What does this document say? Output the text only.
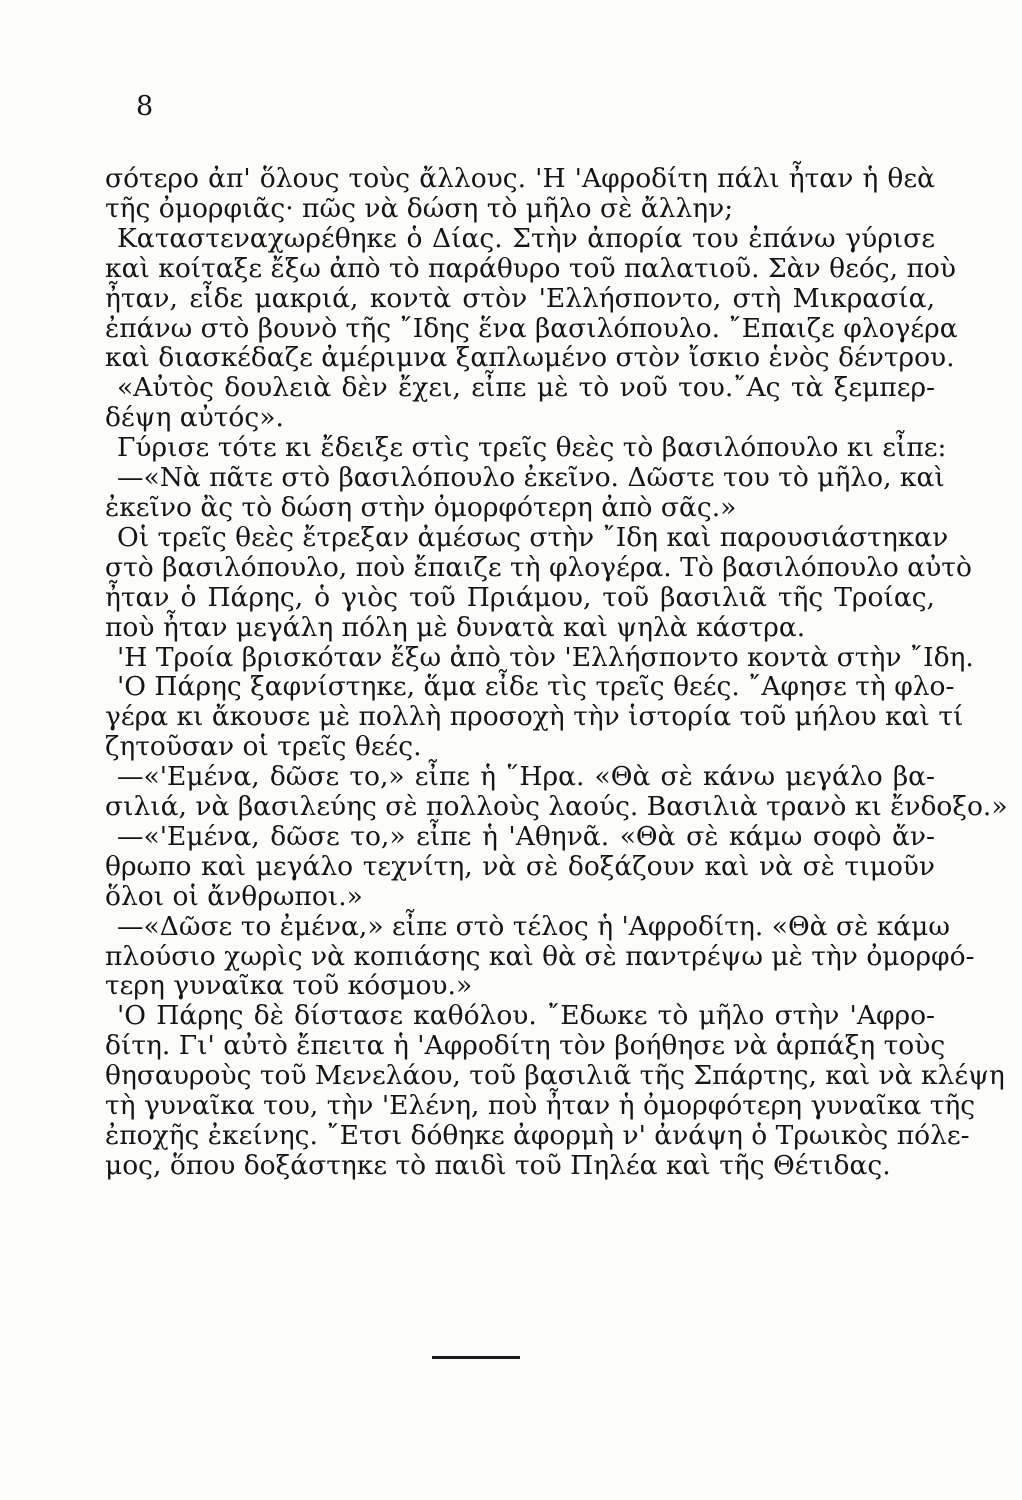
8
σότερο ἀπ' ὅλους τοὺς ἄλλους. 'Η 'Αφροδίτη πάλι ἦταν ἡ θεὰ
τῆς ὀμορφιᾶς· πῶς νὰ δώση τὸ μῆλο σὲ ἄλλην;
Καταστεναχωρέθηκε ὁ Δίας. Στὴν ἀπορία του ἐπάνω γύρισε
καὶ κοίταξε ἔξω ἀπὸ τὸ παράθυρο τοῦ παλατιοῦ. Σὰν θεός, ποὺ
ἦταν, εἶδε μακριά, κοντὰ στὸν 'Ελλήσποντο, στὴ Μικρασία,
ἐπάνω στὸ βουνὸ τῆς ῎Ιδης ἕνα βασιλόπουλο. ῎Επαιζε φλογέρα
καὶ διασκέδαζε ἀμέριμνα ξαπλωμένο στὸν ἴσκιο ἑνὸς δέντρου.
«Αὐτὸς δουλειὰ δὲν ἔχει, εἶπε μὲ τὸ νοῦ του.῎Ας τὰ ξεμπερ-
δέψη αὐτός».
Γύρισε τότε κι ἔδειξε στὶς τρεῖς θεὲς τὸ βασιλόπουλο κι εἶπε:
—«Νὰ πᾶτε στὸ βασιλόπουλο ἐκεῖνο. Δῶστε του τὸ μῆλο, καὶ
ἐκεῖνο ἂς τὸ δώση στὴν ὀμορφότερη ἀπὸ σᾶς.»
Οἱ τρεῖς θεὲς ἔτρεξαν ἀμέσως στὴν ῎Ιδη καὶ παρουσιάστηκαν
στὸ βασιλόπουλο, ποὺ ἔπαιζε τὴ φλογέρα. Τὸ βασιλόπουλο αὐτὸ
ἦταν ὁ Πάρης, ὁ γιὸς τοῦ Πριάμου, τοῦ βασιλιᾶ τῆς Τροίας,
ποὺ ἦταν μεγάλη πόλη μὲ δυνατὰ καὶ ψηλὰ κάστρα.
'Η Τροία βρισκόταν ἔξω ἀπὸ τὸν 'Ελλήσποντο κοντὰ στὴν ῎Ιδη.
'Ο Πάρης ξαφνίστηκε, ἅμα εἶδε τὶς τρεῖς θεές. ῎Αφησε τὴ φλο-
γέρα κι ἄκουσε μὲ πολλὴ προσοχὴ τὴν ἱστορία τοῦ μήλου καὶ τί
ζητοῦσαν οἱ τρεῖς θεές.
—«'Εμένα, δῶσε το,» εἶπε ἡ ῞Ηρα. «Θὰ σὲ κάνω μεγάλο βα-
σιλιά, νὰ βασιλεύης σὲ πολλοὺς λαούς. Βασιλιὰ τρανὸ κι ἔνδοξο.»
—«'Εμένα, δῶσε το,» εἶπε ἡ 'Αθηνᾶ. «Θὰ σὲ κάμω σοφὸ ἄν-
θρωπο καὶ μεγάλο τεχνίτη, νὰ σὲ δοξάζουν καὶ νὰ σὲ τιμοῦν
ὅλοι οἱ ἄνθρωποι.»
—«Δῶσε το ἐμένα,» εἶπε στὸ τέλος ἡ 'Αφροδίτη. «Θὰ σὲ κάμω
πλούσιο χωρὶς νὰ κοπιάσης καὶ θὰ σὲ παντρέψω μὲ τὴν ὀμορφό-
τερη γυναῖκα τοῦ κόσμου.»
'Ο Πάρης δὲ δίστασε καθόλου. ῎Εδωκε τὸ μῆλο στὴν 'Αφρο-
δίτη. Γι' αὐτὸ ἔπειτα ἡ 'Αφροδίτη τὸν βοήθησε νὰ ἁρπάξη τοὺς
θησαυροὺς τοῦ Μενελάου, τοῦ βασιλιᾶ τῆς Σπάρτης, καὶ νὰ κλέψη
τὴ γυναῖκα του, τὴν 'Ελένη, ποὺ ἦταν ἡ ὀμορφότερη γυναῖκα τῆς
ἐποχῆς ἐκείνης. ῎Ετσι δόθηκε ἀφορμὴ ν' ἀνάψη ὁ Τρωικὸς πόλε-
μος, ὅπου δοξάστηκε τὸ παιδὶ τοῦ Πηλέα καὶ τῆς Θέτιδας.
